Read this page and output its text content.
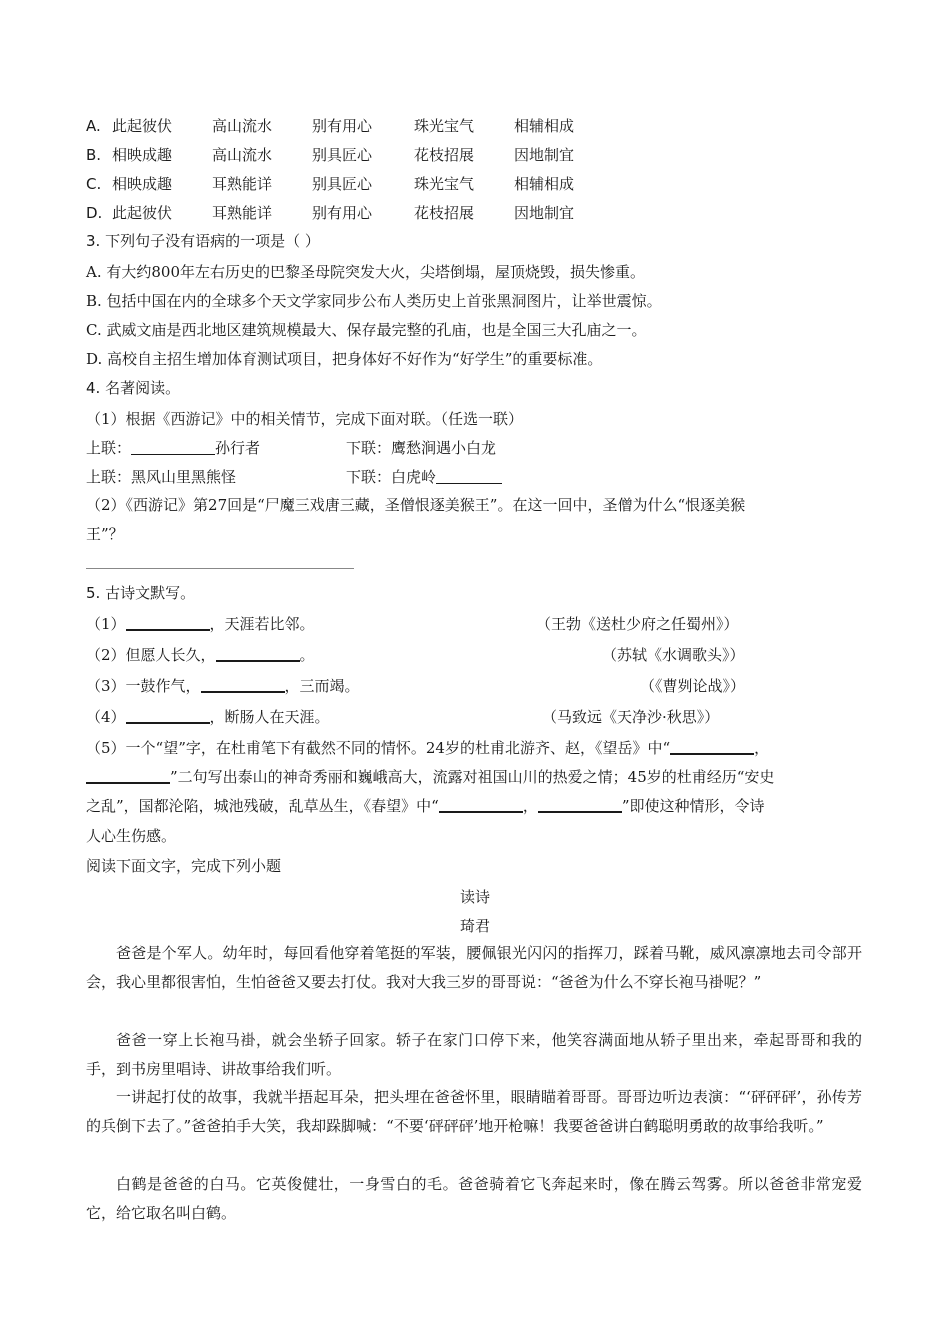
A. 此起彼伏	高山流水	别有用心	珠光宝气	相辅相成
B. 相映成趣	高山流水	别具匠心	花枝招展	因地制宜
C. 相映成趣	耳熟能详	别具匠心	珠光宝气	相辅相成
D. 此起彼伏	耳熟能详	别有用心	花枝招展	因地制宜
3. 下列句子没有语病的一项是（ ）
A. 有大约800年左右历史的巴黎圣母院突发大火，尖塔倒塌，屋顶烧毁，损失惨重。
B. 包括中国在内的全球多个天文学家同步公布人类历史上首张黑洞图片，让举世震惊。
C. 武威文庙是西北地区建筑规模最大、保存最完整的孔庙，也是全国三大孔庙之一。
D. 高校自主招生增加体育测试项目，把身体好不好作为“好学生”的重要标准。
4. 名著阅读。
（1）根据《西游记》中的相关情节，完成下面对联。（任选一联）
上联：	孙行者	下联：鹰愁涧遇小白龙
上联：黑风山里黑熊怪	下联：白虎岭
（2）《西游记》第27回是“尸魔三戏唐三藏，圣僧恨逐美猴王”。在这一回中，圣僧为什么“恨逐美猴
王”？
5. 古诗文默写。
（1）	，天涯若比邻。	（王勃《送杜少府之任蜀州》）
（2）但愿人长久，	。	（苏轼《水调歌头》）
（3）一鼓作气，	，三而竭。	（《曹刿论战》）
（4）	，断肠人在天涯。	（马致远《天净沙·秋思》）
（5）一个“望”字，在杜甫笔下有截然不同的情怀。24岁的杜甫北游齐、赵，《望岳》中“	，
”二句写出泰山的神奇秀丽和巍峨高大，流露对祖国山川的热爱之情；45岁的杜甫经历“安史
之乱”，国都沦陷，城池残破，乱草丛生，《春望》中“	，	”即使这种情形，令诗
人心生伤感。
阅读下面文字，完成下列小题
读诗
琦君
爸爸是个军人。幼年时，每回看他穿着笔挺的军装，腰佩银光闪闪的指挥刀，踩着马靴，威风凛凛地去司令部开会，我心里都很害怕，生怕爸爸又要去打仗。我对大我三岁的哥哥说：“爸爸为什么不穿长袍马褂呢？”
爸爸一穿上长袍马褂，就会坐轿子回家。轿子在家门口停下来，他笑容满面地从轿子里出来，牵起哥哥和我的手，到书房里唱诗、讲故事给我们听。
一讲起打仗的故事，我就半捂起耳朵，把头埋在爸爸怀里，眼睛瞄着哥哥。哥哥边听边表演：“‘砰砰砰’，孙传芳的兵倒下去了。”爸爸拍手大笑，我却跺脚喊：“不要‘砰砰砰’地开枪嘛！我要爸爸讲白鹤聪明勇敢的故事给我听。”
白鹤是爸爸的白马。它英俊健壮，一身雪白的毛。爸爸骑着它飞奔起来时，像在腾云驾雾。所以爸爸非常宠爱它，给它取名叫白鹤。
